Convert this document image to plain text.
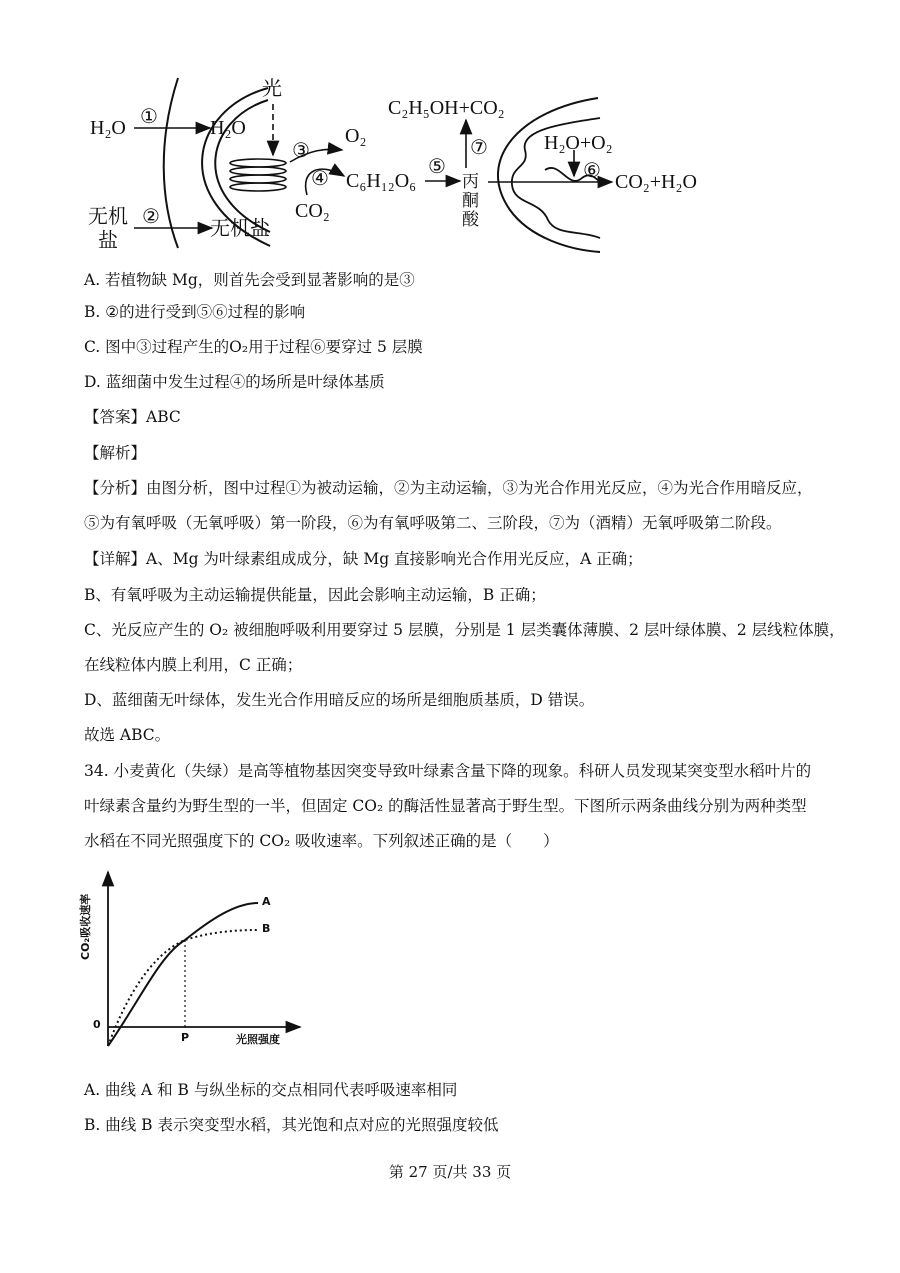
H₂O ①	H₂O
光
③
O₂
④ C₆H₁₂O₆
CO₂
无机
盐
②
无机盐
⑤
C₂H₅OH+CO₂
⑦
丙
酮
酸
H₂O+O₂
⑥ CO₂+H₂O
A. 若植物缺 Mg，则首先会受到显著影响的是③
B. ②的进行受到⑤⑥过程的影响
C. 图中③过程产生的O₂用于过程⑥要穿过 5 层膜
D. 蓝细菌中发生过程④的场所是叶绿体基质
【答案】ABC
【解析】
【分析】由图分析，图中过程①为被动运输，②为主动运输，③为光合作用光反应，④为光合作用暗反应，
⑤为有氧呼吸（无氧呼吸）第一阶段，⑥为有氧呼吸第二、三阶段，⑦为（酒精）无氧呼吸第二阶段。
【详解】A、Mg 为叶绿素组成成分，缺 Mg 直接影响光合作用光反应，A 正确；
B、有氧呼吸为主动运输提供能量，因此会影响主动运输，B 正确；
C、光反应产生的 O₂ 被细胞呼吸利用要穿过 5 层膜，分别是 1 层类囊体薄膜、2 层叶绿体膜、2 层线粒体膜，
在线粒体内膜上利用，C 正确；
D、蓝细菌无叶绿体，发生光合作用暗反应的场所是细胞质基质，D 错误。
故选 ABC。
34. 小麦黄化（失绿）是高等植物基因突变导致叶绿素含量下降的现象。科研人员发现某突变型水稻叶片的
叶绿素含量约为野生型的一半，但固定 CO₂ 的酶活性显著高于野生型。下图所示两条曲线分别为两种类型
水稻在不同光照强度下的 CO₂ 吸收速率。下列叙述正确的是（　　）
CO₂吸收速率
光照强度
0
P
A
B
A. 曲线 A 和 B 与纵坐标的交点相同代表呼吸速率相同
B. 曲线 B 表示突变型水稻，其光饱和点对应的光照强度较低
第 27 页/共 33 页
